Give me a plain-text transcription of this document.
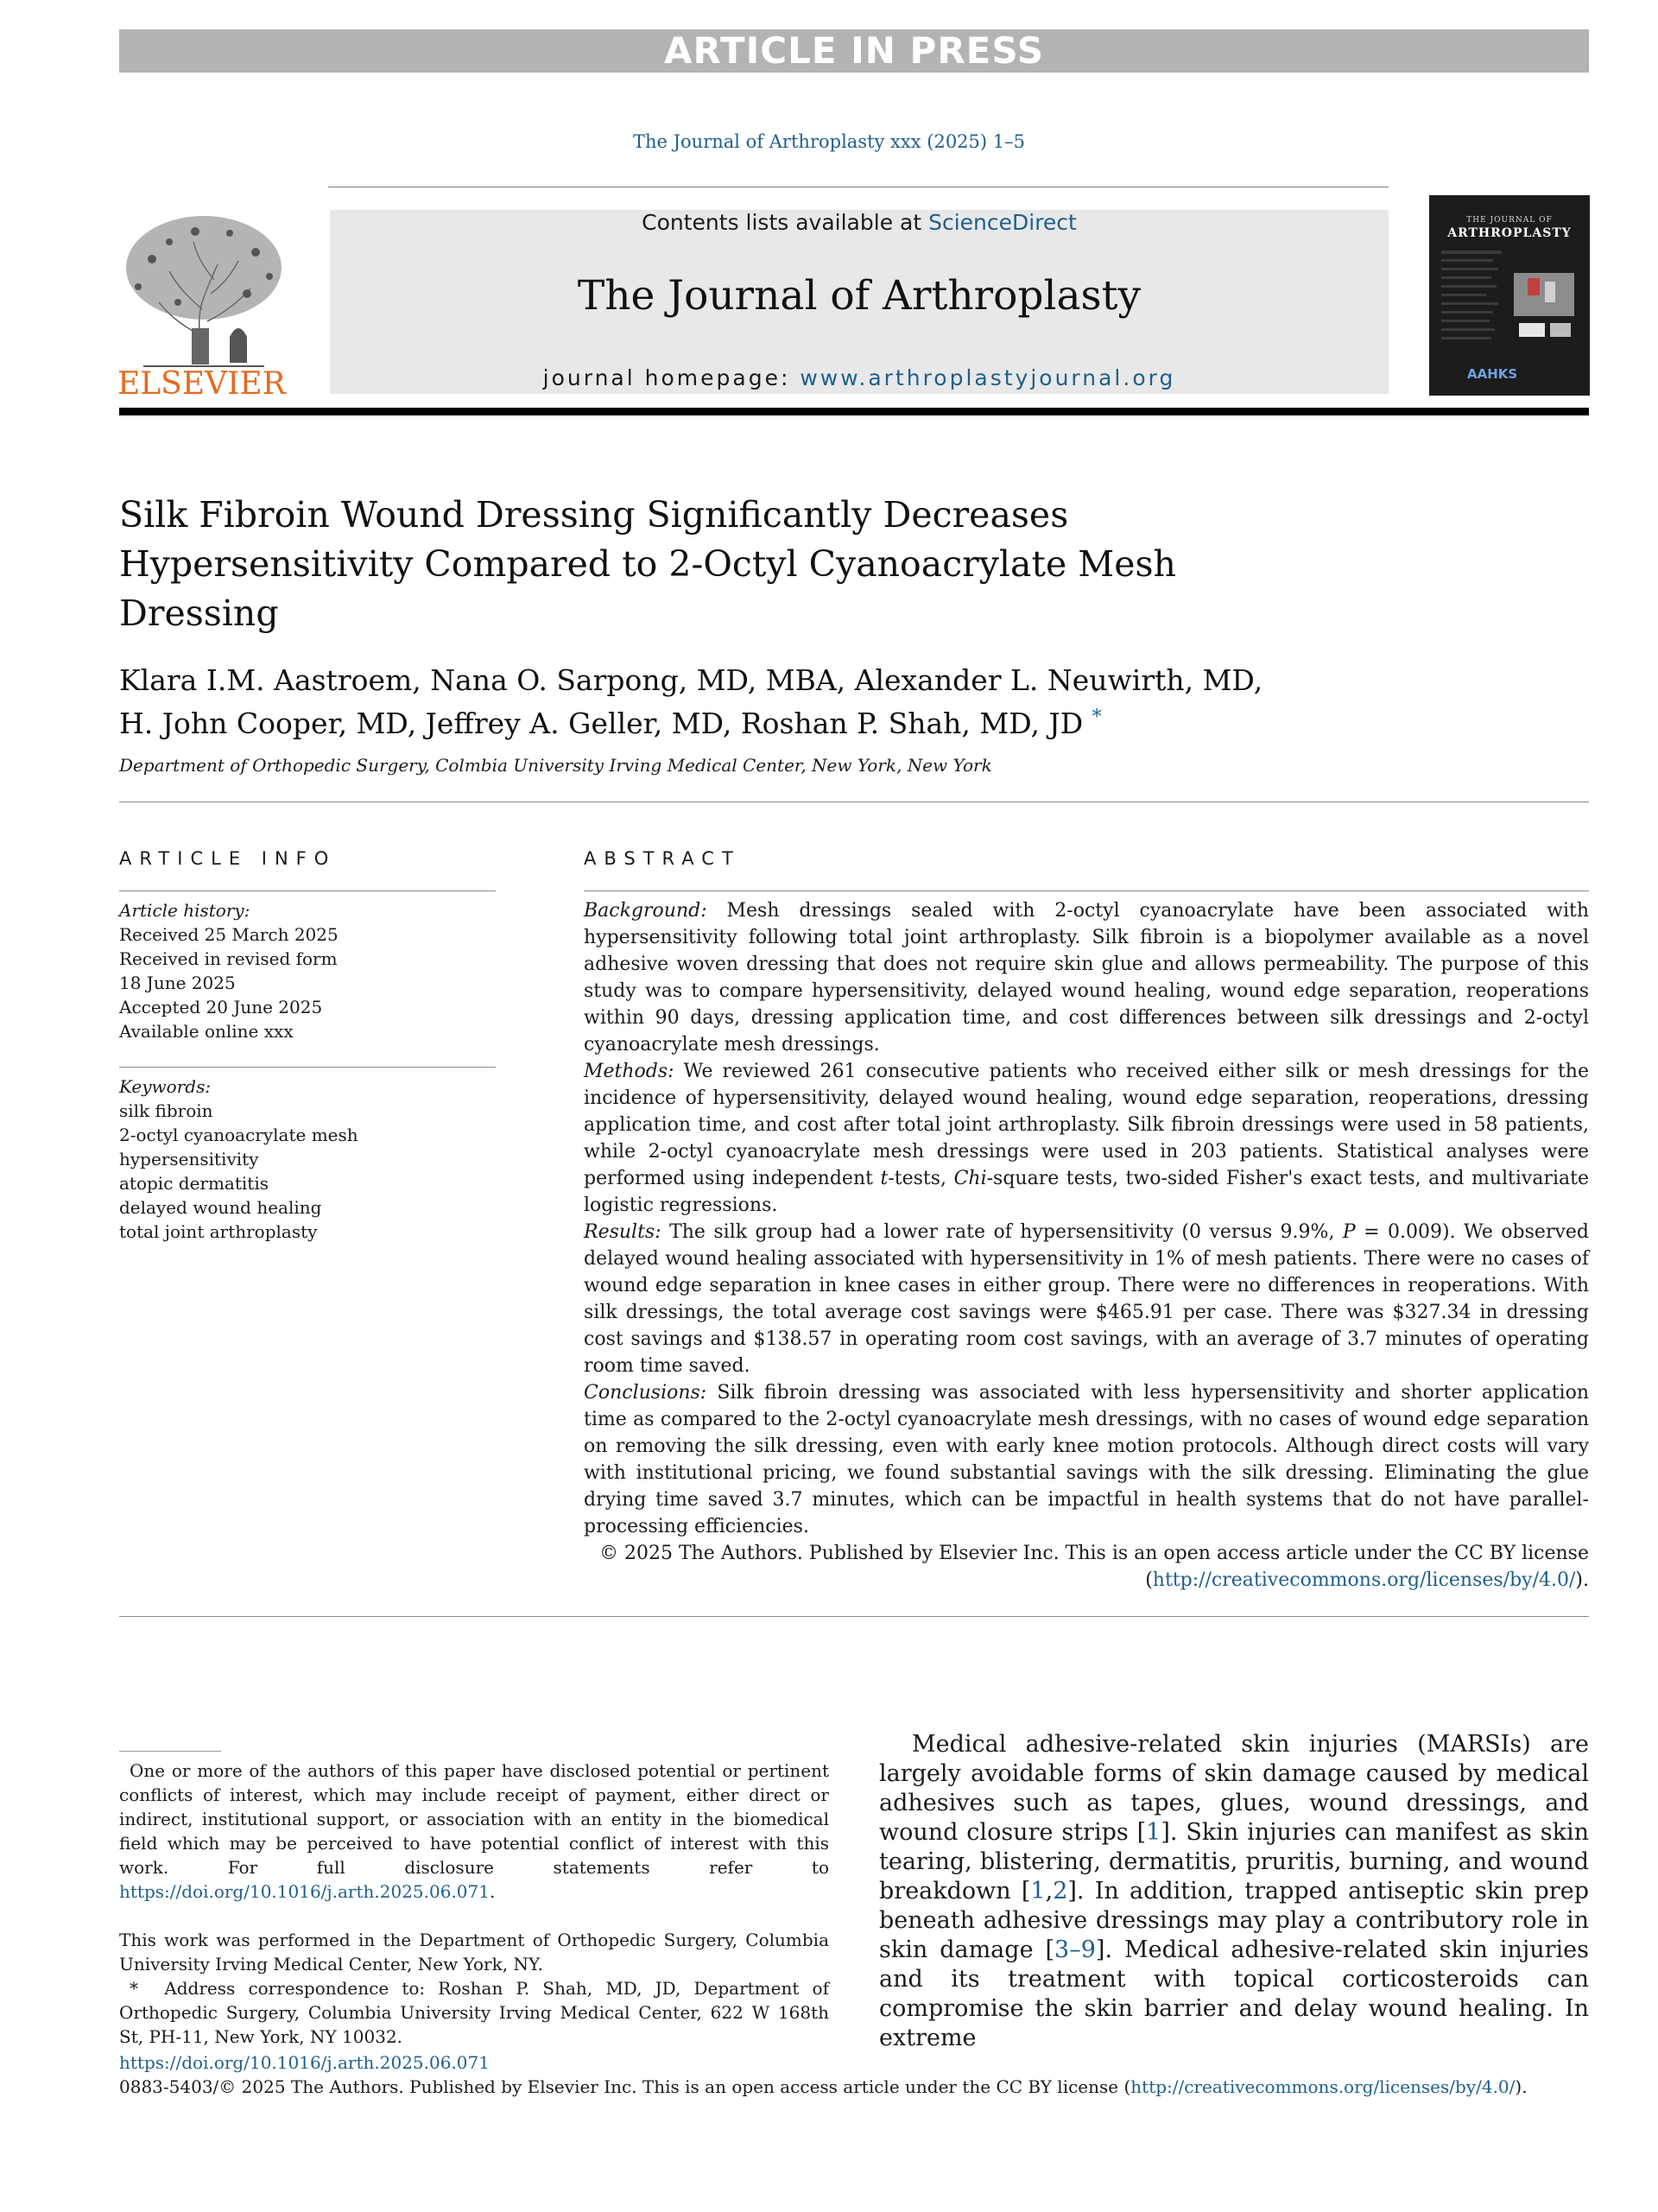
ARTICLE IN PRESS
The Journal of Arthroplasty xxx (2025) 1–5
ELSEVIER
Contents lists available at ScienceDirect
The Journal of Arthroplasty
journal homepage: www.arthroplastyjournal.org
THE JOURNAL OF
ARTHROPLASTY
AAHKS
Silk Fibroin Wound Dressing Significantly Decreases
Hypersensitivity Compared to 2-Octyl Cyanoacrylate Mesh
Dressing
Klara I.M. Aastroem, Nana O. Sarpong, MD, MBA, Alexander L. Neuwirth, MD,
H. John Cooper, MD, Jeffrey A. Geller, MD, Roshan P. Shah, MD, JD *
Department of Orthopedic Surgery, Colmbia University Irving Medical Center, New York, New York
ARTICLE INFO	ABSTRACT
Article history:
Received 25 March 2025
Received in revised form
18 June 2025
Accepted 20 June 2025
Available online xxx
Keywords:
silk fibroin
2-octyl cyanoacrylate mesh
hypersensitivity
atopic dermatitis
delayed wound healing
total joint arthroplasty

Background: Mesh dressings sealed with 2-octyl cyanoacrylate have been associated with hypersensitivity following total joint arthroplasty. Silk fibroin is a biopolymer available as a novel adhesive woven dressing that does not require skin glue and allows permeability. The purpose of this study was to compare hypersensitivity, delayed wound healing, wound edge separation, reoperations within 90 days, dressing application time, and cost differences between silk dressings and 2-octyl cyanoacrylate mesh dressings.

Methods: We reviewed 261 consecutive patients who received either silk or mesh dressings for the incidence of hypersensitivity, delayed wound healing, wound edge separation, reoperations, dressing application time, and cost after total joint arthroplasty. Silk fibroin dressings were used in 58 patients, while 2-octyl cyanoacrylate mesh dressings were used in 203 patients. Statistical analyses were performed using independent t-tests, Chi-square tests, two-sided Fisher's exact tests, and multivariate logistic regressions.

Results: The silk group had a lower rate of hypersensitivity (0 versus 9.9%, P = 0.009). We observed delayed wound healing associated with hypersensitivity in 1% of mesh patients. There were no cases of wound edge separation in knee cases in either group. There were no differences in reoperations. With silk dressings, the total average cost savings were $465.91 per case. There was $327.34 in dressing cost savings and $138.57 in operating room cost savings, with an average of 3.7 minutes of operating room time saved.

Conclusions: Silk fibroin dressing was associated with less hypersensitivity and shorter application time as compared to the 2-octyl cyanoacrylate mesh dressings, with no cases of wound edge separation on removing the silk dressing, even with early knee motion protocols. Although direct costs will vary with institutional pricing, we found substantial savings with the silk dressing. Eliminating the glue drying time saved 3.7 minutes, which can be impactful in health systems that do not have parallel-processing efficiencies.

© 2025 The Authors. Published by Elsevier Inc. This is an open access article under the CC BY license
(http://creativecommons.org/licenses/by/4.0/).

One or more of the authors of this paper have disclosed potential or pertinent conflicts of interest, which may include receipt of payment, either direct or indirect, institutional support, or association with an entity in the biomedical field which may be perceived to have potential conflict of interest with this work. For full disclosure statements refer to https://doi.org/10.1016/j.arth.2025.06.071.

This work was performed in the Department of Orthopedic Surgery, Columbia University Irving Medical Center, New York, NY.

* Address correspondence to: Roshan P. Shah, MD, JD, Department of Orthopedic Surgery, Columbia University Irving Medical Center, 622 W 168th St, PH-11, New York, NY 10032.

Medical adhesive-related skin injuries (MARSIs) are largely avoidable forms of skin damage caused by medical adhesives such as tapes, glues, wound dressings, and wound closure strips [1]. Skin injuries can manifest as skin tearing, blistering, dermatitis, pruritis, burning, and wound breakdown [1,2]. In addition, trapped antiseptic skin prep beneath adhesive dressings may play a contributory role in skin damage [3–9]. Medical adhesive-related skin injuries and its treatment with topical corticosteroids can compromise the skin barrier and delay wound healing. In extreme

https://doi.org/10.1016/j.arth.2025.06.071
0883-5403/© 2025 The Authors. Published by Elsevier Inc. This is an open access article under the CC BY license (http://creativecommons.org/licenses/by/4.0/).
